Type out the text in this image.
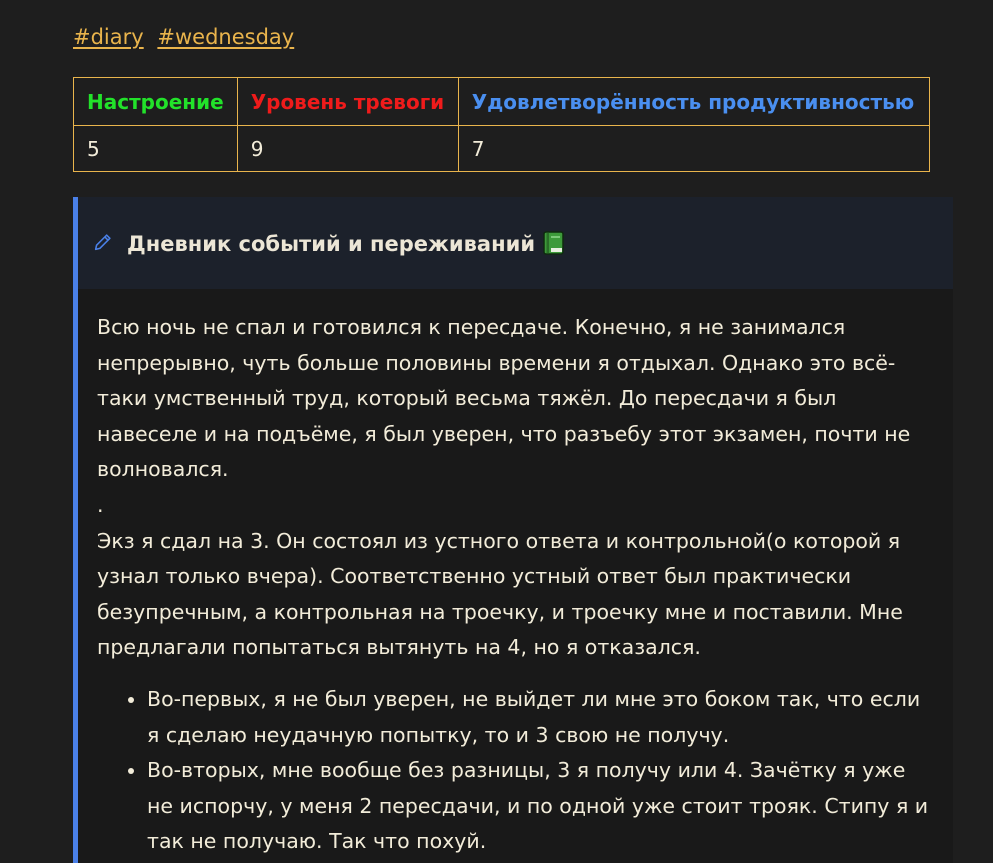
#diary #wednesday
Настроение	Уровень тревоги	Удовлетворённость продуктивностью
5	9	7
Дневник событий и переживаний

Всю ночь не спал и готовился к пересдаче. Конечно, я не занимался непрерывно, чуть больше половины времени я отдыхал. Однако это всё-таки умственный труд, который весьма тяжёл. До пересдачи я был навеселе и на подъёме, я был уверен, что разъебу этот экзамен, почти не волновался.

.

Экз я сдал на 3. Он состоял из устного ответа и контрольной(о которой я узнал только вчера). Соответственно устный ответ был практически безупречным, а контрольная на троечку, и троечку мне и поставили. Мне предлагали попытаться вытянуть на 4, но я отказался.

• Во-первых, я не был уверен, не выйдет ли мне это боком так, что если я сделаю неудачную попытку, то и 3 свою не получу.
• Во-вторых, мне вообще без разницы, 3 я получу или 4. Зачётку я уже не испорчу, у меня 2 пересдачи, и по одной уже стоит трояк. Стипу я и так не получаю. Так что похуй.
